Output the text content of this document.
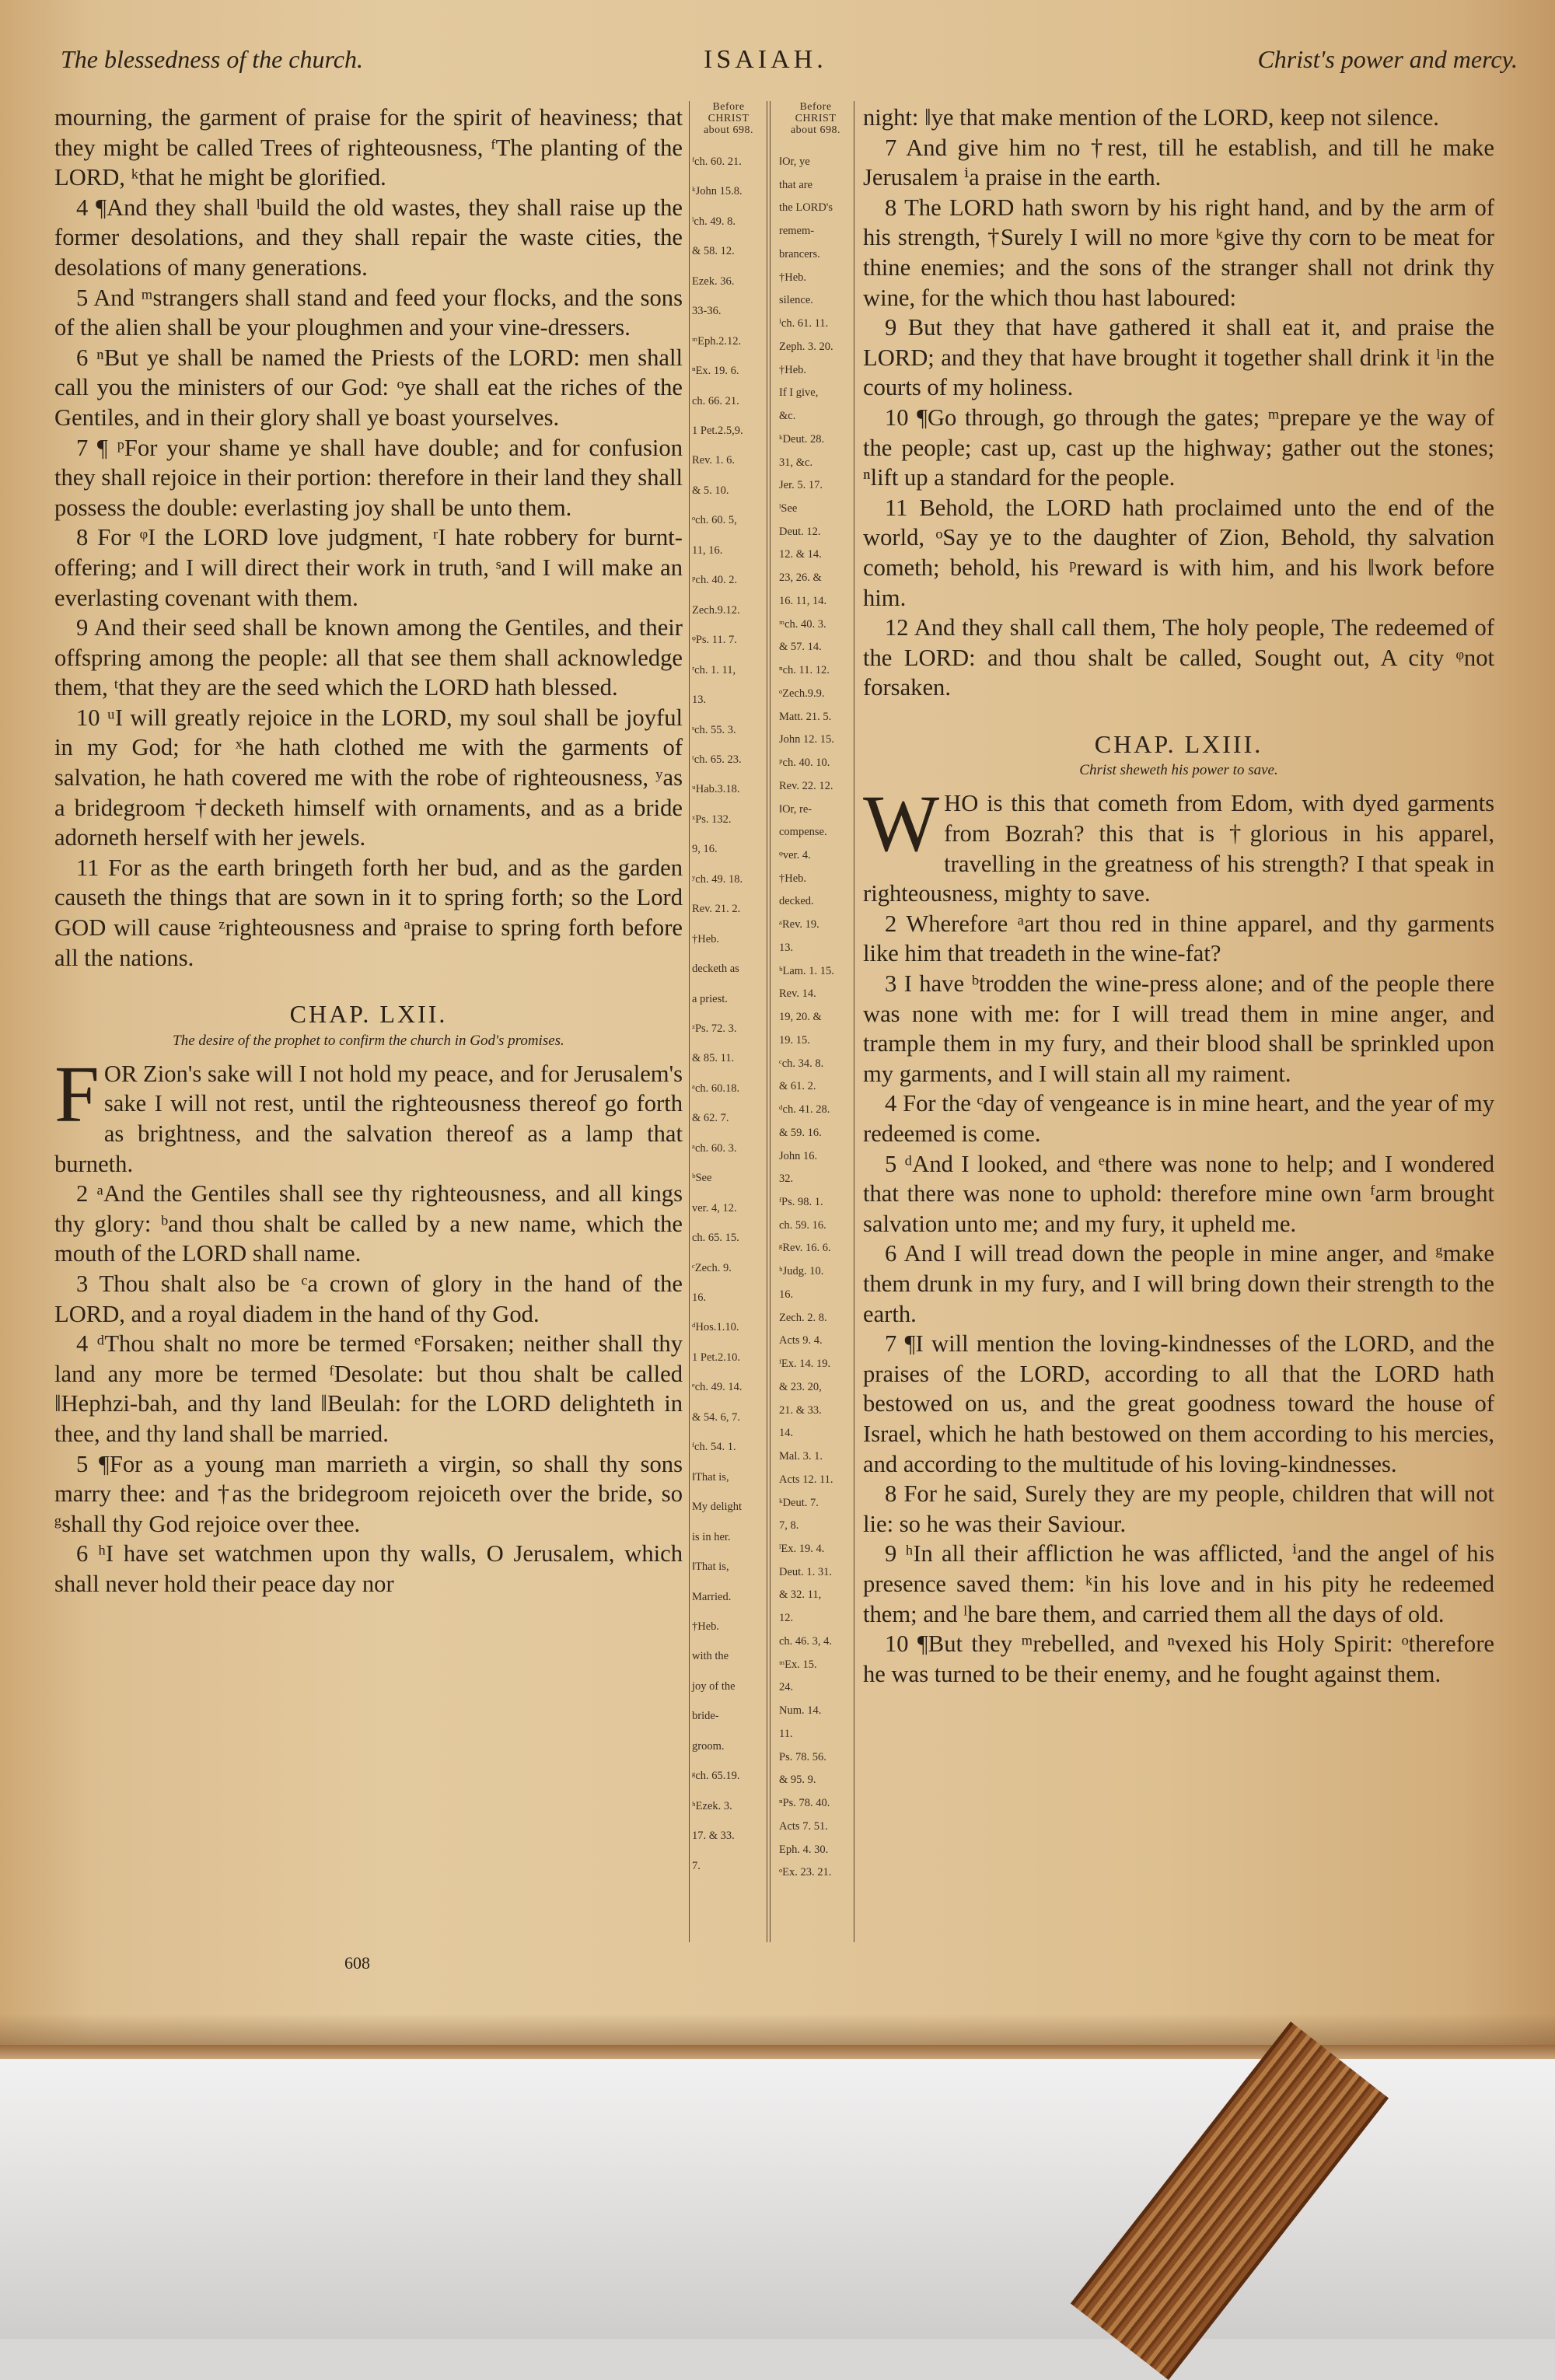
The blessedness of the church.	ISAIAH.	Christ's power and mercy.
Before
CHRIST
about 698.
ᶠch. 60. 21.
ᵏJohn 15.8.
ˡch. 49. 8.
& 58. 12.
Ezek. 36.
33-36.
ᵐEph.2.12.
ⁿEx. 19. 6.
ch. 66. 21.
1 Pet.2.5,9.
Rev. 1. 6.
& 5. 10.
ᵒch. 60. 5,
11, 16.
ᵖch. 40. 2.
Zech.9.12.
ᵠPs. 11. 7.
ʳch. 1. 11,
13.
ˢch. 55. 3.
ᵗch. 65. 23.
ᵘHab.3.18.
ˣPs. 132.
9, 16.
ʸch. 49. 18.
Rev. 21. 2.
†Heb.
decketh as
a priest.
ᶻPs. 72. 3.
& 85. 11.
ᵃch. 60.18.
& 62. 7.
ᵃch. 60. 3.
ᵇSee
ver. 4, 12.
ch. 65. 15.
ᶜZech. 9.
16.
ᵈHos.1.10.
1 Pet.2.10.
ᵉch. 49. 14.
& 54. 6, 7.
ᶠch. 54. 1.
‖That is,
My delight
is in her.
‖That is,
Married.
†Heb.
with the
joy of the
bride-
groom.
ᵍch. 65.19.
ʰEzek. 3.
17. & 33.
7.
Before
CHRIST
about 698.
‖Or, ye
that are
the LORD's
remem-
brancers.
†Heb.
silence.
ⁱch. 61. 11.
Zeph. 3. 20.
†Heb.
If I give,
&c.
ᵏDeut. 28.
31, &c.
Jer. 5. 17.
ˡSee
Deut. 12.
12. & 14.
23, 26. &
16. 11, 14.
ᵐch. 40. 3.
& 57. 14.
ⁿch. 11. 12.
ᵒZech.9.9.
Matt. 21. 5.
John 12. 15.
ᵖch. 40. 10.
Rev. 22. 12.
‖Or, re-
compense.
ᵠver. 4.
†Heb.
decked.
ᵃRev. 19.
13.
ᵇLam. 1. 15.
Rev. 14.
19, 20. &
19. 15.
ᶜch. 34. 8.
& 61. 2.
ᵈch. 41. 28.
& 59. 16.
John 16.
32.
ᶠPs. 98. 1.
ch. 59. 16.
ᵍRev. 16. 6.
ʰJudg. 10.
16.
Zech. 2. 8.
Acts 9. 4.
ⁱEx. 14. 19.
& 23. 20,
21. & 33.
14.
Mal. 3. 1.
Acts 12. 11.
ᵏDeut. 7.
7, 8.
ˡEx. 19. 4.
Deut. 1. 31.
& 32. 11,
12.
ch. 46. 3, 4.
ᵐEx. 15.
24.
Num. 14.
11.
Ps. 78. 56.
& 95. 9.
ⁿPs. 78. 40.
Acts 7. 51.
Eph. 4. 30.
ᵒEx. 23. 21.

mourning, the garment of praise for the spirit of heaviness; that they might be called Trees of righteousness, ᶠThe planting of the LORD, ᵏthat he might be glorified.

4 ¶And they shall ˡbuild the old wastes, they shall raise up the former desolations, and they shall repair the waste cities, the desolations of many generations.

5 And ᵐstrangers shall stand and feed your flocks, and the sons of the alien shall be your ploughmen and your vine-dressers.

6 ⁿBut ye shall be named the Priests of the LORD: men shall call you the ministers of our God: ᵒye shall eat the riches of the Gentiles, and in their glory shall ye boast yourselves.

7 ¶ ᵖFor your shame ye shall have double; and for confusion they shall rejoice in their portion: therefore in their land they shall possess the double: everlasting joy shall be unto them.

8 For ᵠI the LORD love judgment, ʳI hate robbery for burnt-offering; and I will direct their work in truth, ˢand I will make an everlasting covenant with them.

9 And their seed shall be known among the Gentiles, and their offspring among the people: all that see them shall acknowledge them, ᵗthat they are the seed which the LORD hath blessed.

10 ᵘI will greatly rejoice in the LORD, my soul shall be joyful in my God; for ˣhe hath clothed me with the garments of salvation, he hath covered me with the robe of righteousness, ʸas a bridegroom †decketh himself with ornaments, and as a bride adorneth herself with her jewels.

11 For as the earth bringeth forth her bud, and as the garden causeth the things that are sown in it to spring forth; so the Lord GOD will cause ᶻrighteousness and ᵃpraise to spring forth before all the nations.

CHAP. LXII.

The desire of the prophet to confirm the church in God's promises.

FOR Zion's sake will I not hold my peace, and for Jerusalem's sake I will not rest, until the righteousness thereof go forth as brightness, and the salvation thereof as a lamp that burneth.

2 ᵃAnd the Gentiles shall see thy righteousness, and all kings thy glory: ᵇand thou shalt be called by a new name, which the mouth of the LORD shall name.

3 Thou shalt also be ᶜa crown of glory in the hand of the LORD, and a royal diadem in the hand of thy God.

4 ᵈThou shalt no more be termed ᵉForsaken; neither shall thy land any more be termed ᶠDesolate: but thou shalt be called ‖Hephzi-bah, and thy land ‖Beulah: for the LORD delighteth in thee, and thy land shall be married.

5 ¶For as a young man marrieth a virgin, so shall thy sons marry thee: and †as the bridegroom rejoiceth over the bride, so ᵍshall thy God rejoice over thee.

6 ʰI have set watchmen upon thy walls, O Jerusalem, which shall never hold their peace day nor

night: ‖ye that make mention of the LORD, keep not silence.

7 And give him no †rest, till he establish, and till he make Jerusalem ⁱa praise in the earth.

8 The LORD hath sworn by his right hand, and by the arm of his strength, †Surely I will no more ᵏgive thy corn to be meat for thine enemies; and the sons of the stranger shall not drink thy wine, for the which thou hast laboured:

9 But they that have gathered it shall eat it, and praise the LORD; and they that have brought it together shall drink it ˡin the courts of my holiness.

10 ¶Go through, go through the gates; ᵐprepare ye the way of the people; cast up, cast up the highway; gather out the stones; ⁿlift up a standard for the people.

11 Behold, the LORD hath proclaimed unto the end of the world, ᵒSay ye to the daughter of Zion, Behold, thy salvation cometh; behold, his ᵖreward is with him, and his ‖work before him.

12 And they shall call them, The holy people, The redeemed of the LORD: and thou shalt be called, Sought out, A city ᵠnot forsaken.

CHAP. LXIII.

Christ sheweth his power to save.

WHO is this that cometh from Edom, with dyed garments from Bozrah? this that is †glorious in his apparel, travelling in the greatness of his strength? I that speak in righteousness, mighty to save.

2 Wherefore ᵃart thou red in thine apparel, and thy garments like him that treadeth in the wine-fat?

3 I have ᵇtrodden the wine-press alone; and of the people there was none with me: for I will tread them in mine anger, and trample them in my fury, and their blood shall be sprinkled upon my garments, and I will stain all my raiment.

4 For the ᶜday of vengeance is in mine heart, and the year of my redeemed is come.

5 ᵈAnd I looked, and ᵉthere was none to help; and I wondered that there was none to uphold: therefore mine own ᶠarm brought salvation unto me; and my fury, it upheld me.

6 And I will tread down the people in mine anger, and ᵍmake them drunk in my fury, and I will bring down their strength to the earth.

7 ¶I will mention the loving-kindnesses of the LORD, and the praises of the LORD, according to all that the LORD hath bestowed on us, and the great goodness toward the house of Israel, which he hath bestowed on them according to his mercies, and according to the multitude of his loving-kindnesses.

8 For he said, Surely they are my people, children that will not lie: so he was their Saviour.

9 ʰIn all their affliction he was afflicted, ⁱand the angel of his presence saved them: ᵏin his love and in his pity he redeemed them; and ˡhe bare them, and carried them all the days of old.

10 ¶But they ᵐrebelled, and ⁿvexed his Holy Spirit: ᵒtherefore he was turned to be their enemy, and he fought against them.

608
